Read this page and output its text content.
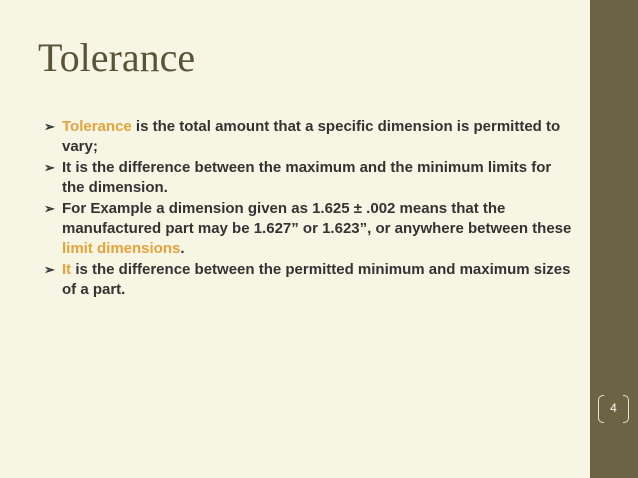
Tolerance
➢ Tolerance is the total amount that a specific dimension is permitted to vary;
➢ It is the difference between the maximum and the minimum limits for the dimension.
➢ For Example a dimension given as 1.625 ± .002 means that the manufactured part may be 1.627” or 1.623”, or anywhere between these limit dimensions.
➢ It is the difference between the permitted minimum and maximum sizes of a part.
4
